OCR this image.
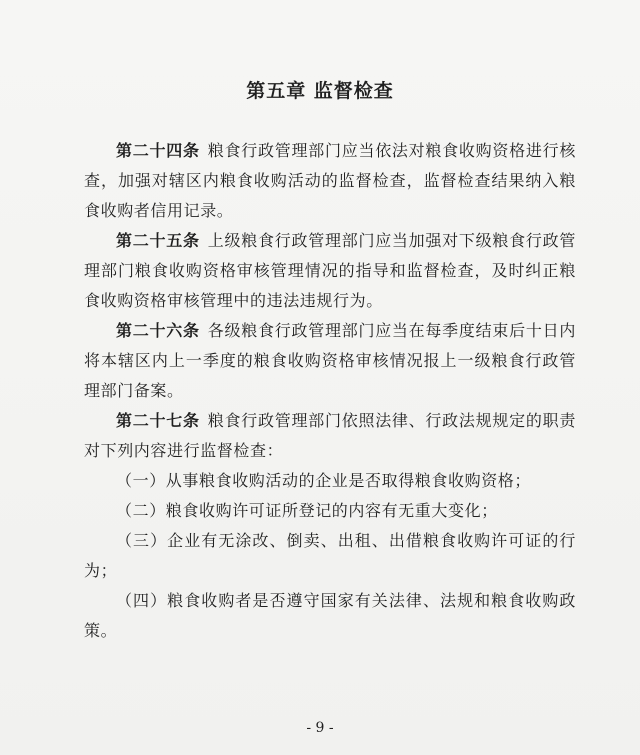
第五章 监督检查

第二十四条 粮食行政管理部门应当依法对粮食收购资格进行核查，加强对辖区内粮食收购活动的监督检查，监督检查结果纳入粮食收购者信用记录。

第二十五条 上级粮食行政管理部门应当加强对下级粮食行政管理部门粮食收购资格审核管理情况的指导和监督检查，及时纠正粮食收购资格审核管理中的违法违规行为。

第二十六条 各级粮食行政管理部门应当在每季度结束后十日内将本辖区内上一季度的粮食收购资格审核情况报上一级粮食行政管理部门备案。

第二十七条 粮食行政管理部门依照法律、行政法规规定的职责对下列内容进行监督检查：

（一）从事粮食收购活动的企业是否取得粮食收购资格；

（二）粮食收购许可证所登记的内容有无重大变化；

（三）企业有无涂改、倒卖、出租、出借粮食收购许可证的行为；

（四）粮食收购者是否遵守国家有关法律、法规和粮食收购政策。

- 9 -
